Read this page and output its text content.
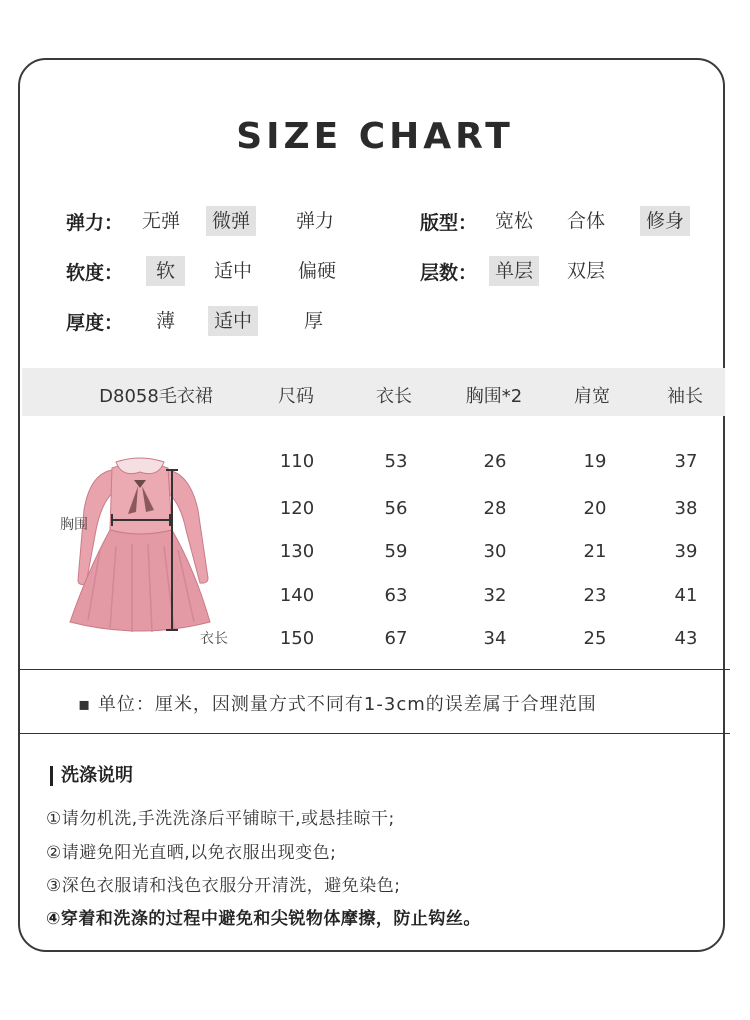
SIZE CHART
弹力： 无弹	微弹	弹力	版型： 宽松	合体	修身
软度：	软	适中	偏硬	层数： 单层	双层
厚度：	薄	适中	厚
D8058毛衣裙	尺码	衣长	胸围*2	肩宽	袖长
110	53	26	19	37
120	56	28	20	38
130	59	30	21	39
140	63	32	23	41
150	67	34	25	43
胸围
衣长
▪ 单位：厘米，因测量方式不同有1-3cm的误差属于合理范围
洗涤说明
①请勿机洗,手洗洗涤后平铺晾干,或悬挂晾干;
②请避免阳光直晒,以免衣服出现变色;
③深色衣服请和浅色衣服分开清洗，避免染色;
④穿着和洗涤的过程中避免和尖锐物体摩擦，防止钩丝。
